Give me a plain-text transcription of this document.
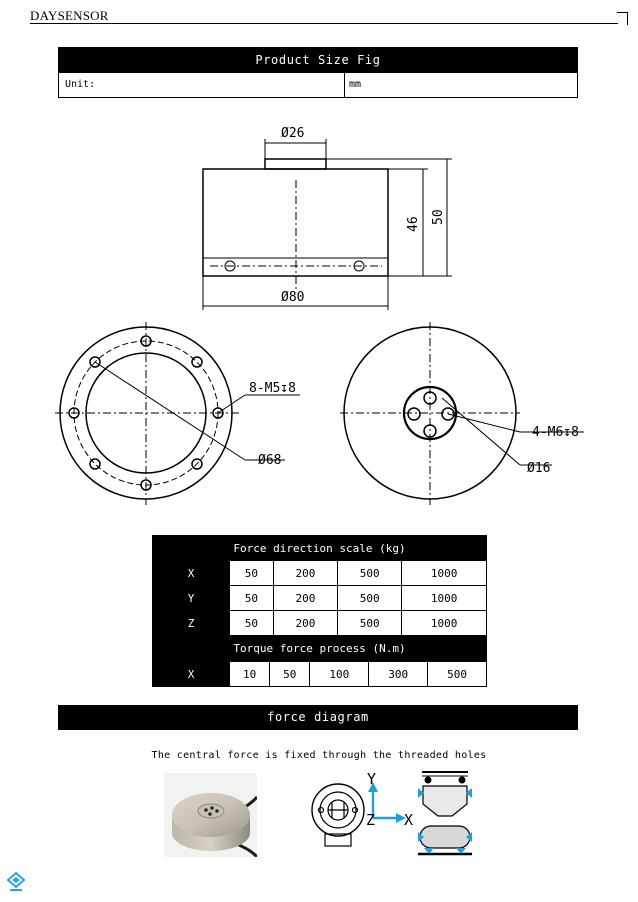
DAYSENSOR
Product Size Fig
Unit:	mm
Ø26
Ø80
46 50
8-M5↧8
Ø68
4-M6↧8
Ø16
Force direction scale (kg)				
X	50	200	500	1000
Y	50	200	500	1000
Z	50	200	500	1000
Torque force process (N.m)				
X	10	50	100	300	500
force diagram
The central force is fixed through the threaded holes
Y
Z X
